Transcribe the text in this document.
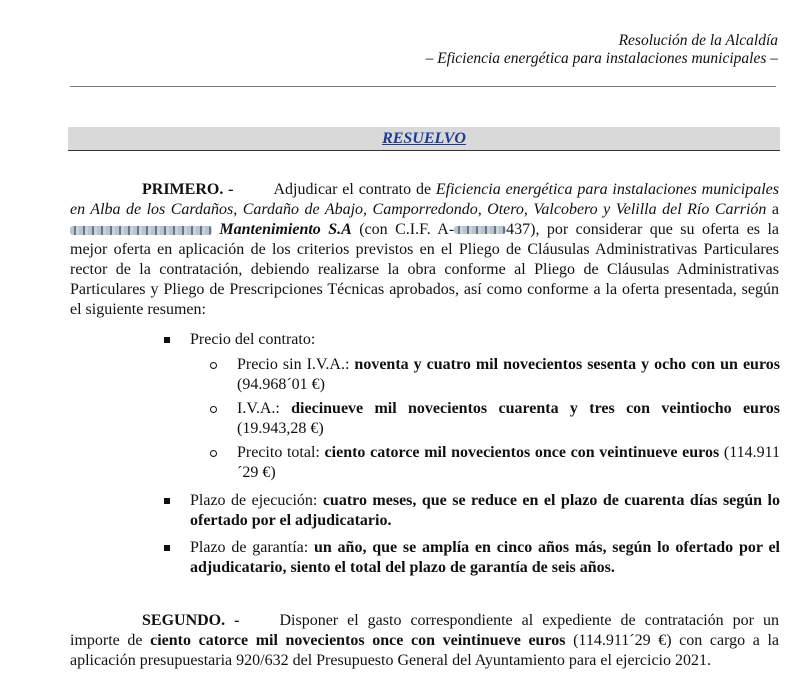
Resolución de la Alcaldía
– Eficiencia energética para instalaciones municipales –
RESUELVO
PRIMERO. -	Adjudicar el contrato de Eficiencia energética para instalaciones municipales en Alba de los Cardaños, Cardaño de Abajo, Camporredondo, Otero, Valcobero y Velilla del Río Carrión a  Mantenimiento S.A (con C.I.F. A-	437), por considerar que su oferta es la mejor oferta en aplicación de los criterios previstos en el Pliego de Cláusulas Administrativas Particulares rector de la contratación, debiendo realizarse la obra conforme al Pliego de Cláusulas Administrativas Particulares y Pliego de Prescripciones Técnicas aprobados, así como conforme a la oferta presentada, según el siguiente resumen:
Precio del contrato:
Precio sin I.V.A.: noventa y cuatro mil novecientos sesenta y ocho con un euros (94.968´01 €)
I.V.A.: diecinueve mil novecientos cuarenta y tres con veintiocho euros (19.943,28 €)
Precito total: ciento catorce mil novecientos once con veintinueve euros (114.911´29 €)
Plazo de ejecución: cuatro meses, que se reduce en el plazo de cuarenta días según lo ofertado por el adjudicatario.
Plazo de garantía: un año, que se amplía en cinco años más, según lo ofertado por el adjudicatario, siento el total del plazo de garantía de seis años.
SEGUNDO. -	Disponer el gasto correspondiente al expediente de contratación por un importe de ciento catorce mil novecientos once con veintinueve euros (114.911´29 €) con cargo a la aplicación presupuestaria 920/632 del Presupuesto General del Ayuntamiento para el ejercicio 2021.
